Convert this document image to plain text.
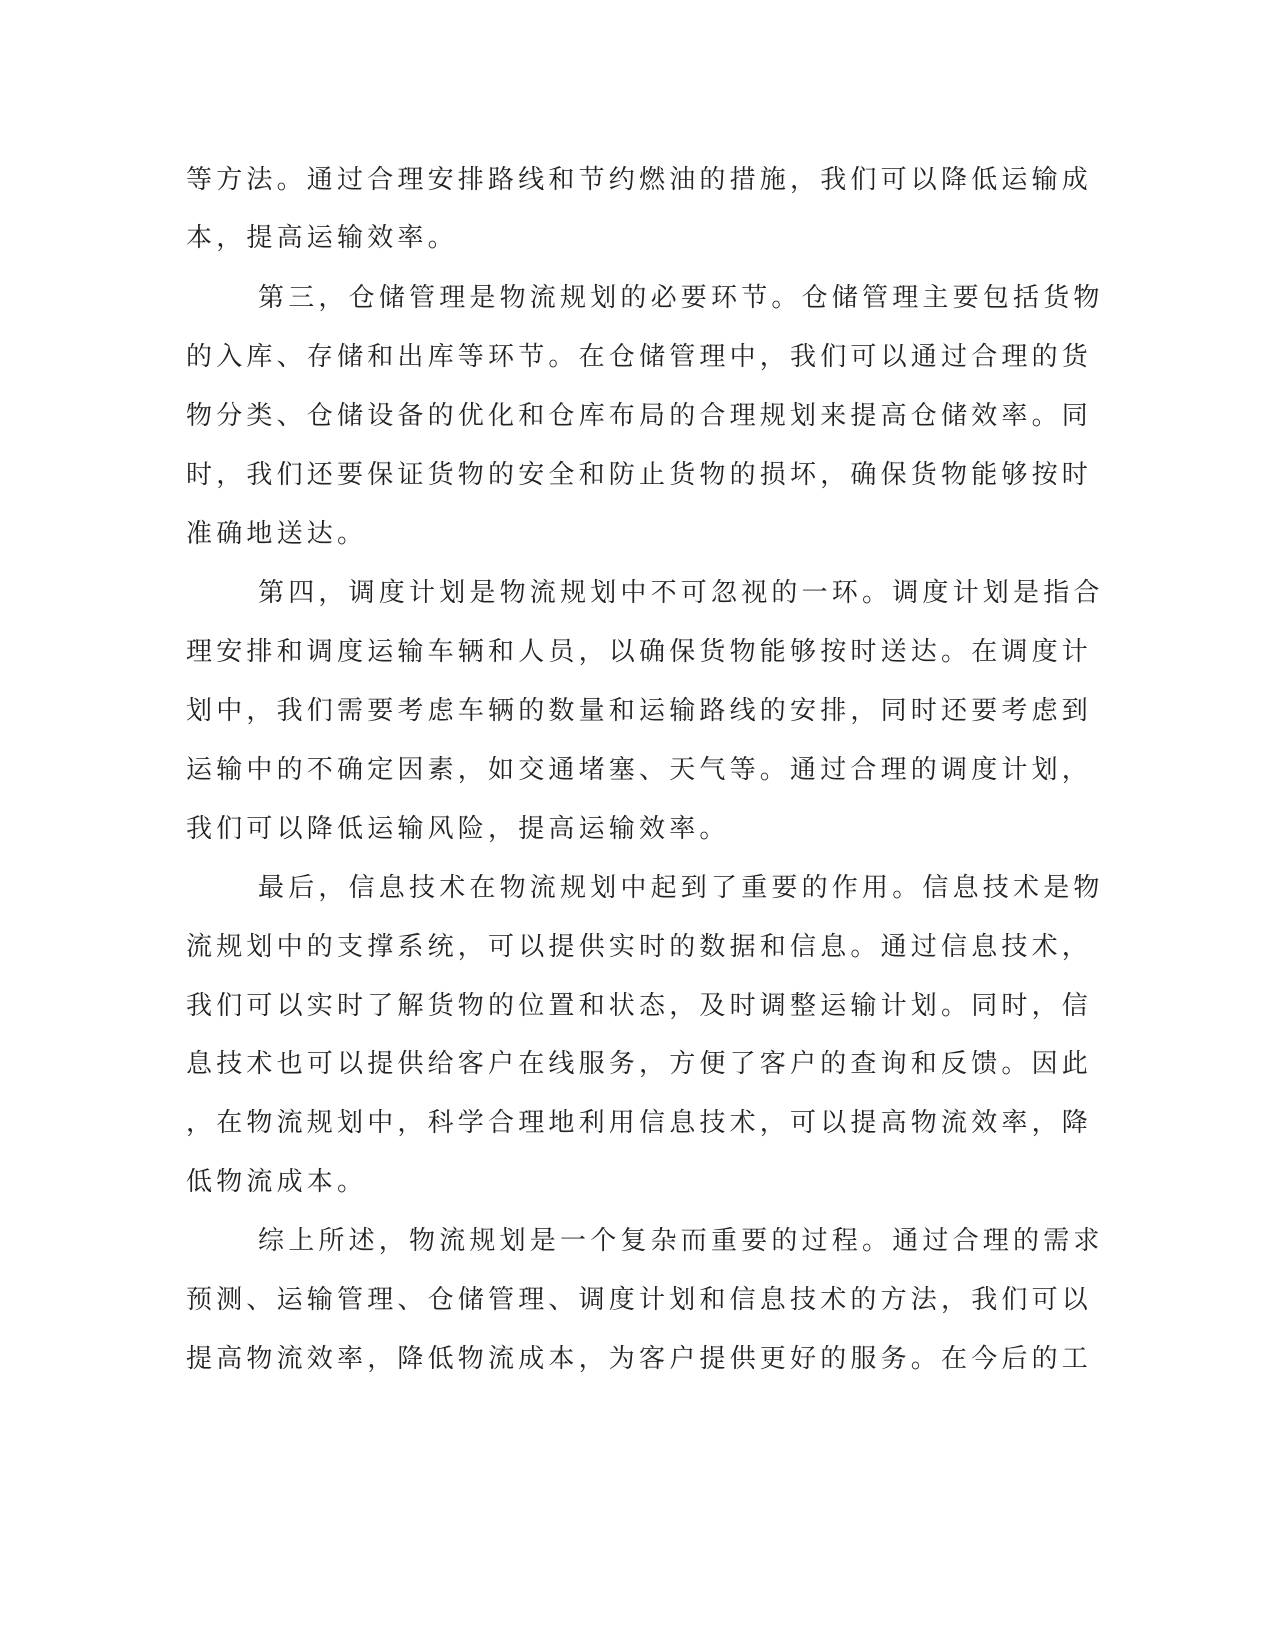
等方法。通过合理安排路线和节约燃油的措施，我们可以降低运输成
本，提高运输效率。
第三，仓储管理是物流规划的必要环节。仓储管理主要包括货物
的入库、存储和出库等环节。在仓储管理中，我们可以通过合理的货
物分类、仓储设备的优化和仓库布局的合理规划来提高仓储效率。同
时，我们还要保证货物的安全和防止货物的损坏，确保货物能够按时
准确地送达。
第四，调度计划是物流规划中不可忽视的一环。调度计划是指合
理安排和调度运输车辆和人员，以确保货物能够按时送达。在调度计
划中，我们需要考虑车辆的数量和运输路线的安排，同时还要考虑到
运输中的不确定因素，如交通堵塞、天气等。通过合理的调度计划，
我们可以降低运输风险，提高运输效率。
最后，信息技术在物流规划中起到了重要的作用。信息技术是物
流规划中的支撑系统，可以提供实时的数据和信息。通过信息技术，
我们可以实时了解货物的位置和状态，及时调整运输计划。同时，信
息技术也可以提供给客户在线服务，方便了客户的查询和反馈。因此
，在物流规划中，科学合理地利用信息技术，可以提高物流效率，降
低物流成本。
综上所述，物流规划是一个复杂而重要的过程。通过合理的需求
预测、运输管理、仓储管理、调度计划和信息技术的方法，我们可以
提高物流效率，降低物流成本，为客户提供更好的服务。在今后的工
